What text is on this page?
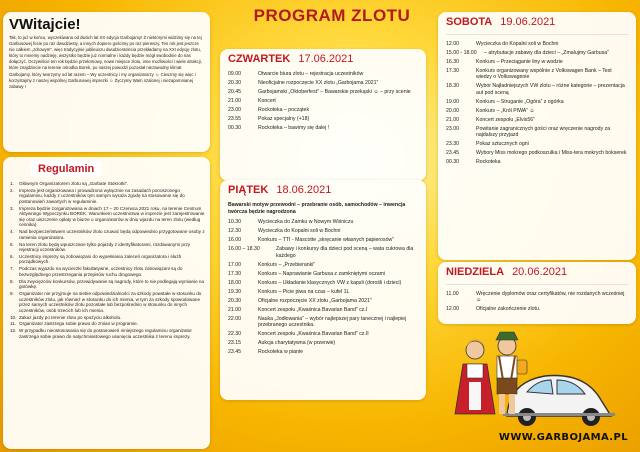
PROGRAM ZLOTU
VWitajcie!

Tak, to już w końcu, wyczekiwana od dwóch lat XX edycja Garbojamy! Z niektórymi widzimy się na tej Garbusowej fecie po raz dwudziesty, a innych dopiero gościmy po raz pierwszy. Ten rok jest jeszcze nie całkiem „zdrowym”, więc tradycyjnie jubileuszu dwudziestolecia przekładamy na XXI edycję zlotu, który to mniemy nadzieję, wszystko będzie już normalne i każdy będzie mógł swobodnie do nas dołączyć. Oczywiście ten rok będzie przełomowy, nowe miejsce zlotu, inne możliwości i wiele atrakcji, które znajdziecie na terenie ośrodka Borek, po naszej powodzi pozostał niezawodny klimat Garbojamy, który tworzymy od lat razem – Wy uczestnicy i my organizatorzy ☺ Cieszmy się więc i korzystajmy z naszej wspólnej Garbusowej imprezki ☺ Życzymy Wam szalonej i niezapomnianej zabawy !

Regulamin
1.	Głównym Organizatorem zlotu są „Garbate Stokrotki”.
2.	Impreza jest organizowana i prowadzona wyłącznie na zasadach ponoszonego regulaminu, każdy z uczestników tym samym wyraża zgodę na stosowanie się do postanowień zawartych w regulaminie.
3.	Impreza będzie zorganizowana w dniach 17 – 20 Czerwca 2021 roku, na terenie Centrum Aktywnego Wypoczynku BOREK. Warunkiem uczestnictwa w imprezie jest zarejestrowanie się oraz uiszczenie opłaty w biurze u organizatorów w dniu wjazdu na teren zlotu (według cennika).
4.	Nad bezpieczeństwem uczestników zlotu czuwać będą odpowiednio przygotowane osoby z ramienia organizatora.
5.	Na teren zlotu będą wpuszczane tylko pojazdy z identyfikatorami, rozdawanymi przy rejestracji uczestników.
6.	Uczestnicy imprezy są zobowiązani do wypełniania zaleceń organizatora i służb porządkowych.
7.	Podczas wyjazdu na wycieczki fakultatywne, uczestnicy zlotu zobowiązani są do bezwzględnego przestrzegania przepisów ruchu drogowego.
8.	Dla zwycięzców konkursów, przewidywanie są nagrody, które to nie podlegają wymianie na gotówkę.
9.	Organizator nie przyjmuje na siebie odpowiedzialności za szkody powstałe w stosunku do uczestników zlotu, jak również w stosunku do ich mienia, w tym za szkody spowodowane przez samych uczestników zlotu pozostałe lub bezpośrednio w stosunku do innych uczestników, osób trzecich lub ich mienia.
10. Zakaz jazdy po terenie zlotu po spożyciu alkoholu.
11. Organizator zastrzega sobie prawo do zmian w programie.
12. W przypadku nieostosowania się do postanowień niniejszego regulaminu organizator zastrzega sobie prawo do natychmiastowego usunięcia uczestnika z terenu imprezy.
CZWARTEK 17.06.2021
09.00	Otwarcie biura zlotu – rejestracja uczestników
20.30	Nieoficjalne rozpoczęcie XX zlotu „Garbojama 2021”
20.45	Garbojamski „Oktoberfest” – Bawarskie przekąski ☺ – przy scenie
21.00	Koncert
23.00	Rockoteka – początek
23.55	Pokaz specjalny (+18)
00.30	Rockoteka – bawimy się dalej !
PIĄTEK 18.06.2021
Bawarski motyw przewodni – przebranie osób, samochodów – inwencja twórcza będzie nagrodzona
10.30	Wycieczka do Zamku w Nowym Wiśniczu
12.30	Wycieczka do Kopalni soli w Bochni
16.00	Konkurs – TTI - Mascotte „skręcanie własnych papierosów”
16.00 – 18.30	Zabawy i konkursy dla dzieci pod sceną – wata cukrowa dla każdego
17.00	Konkurs – „Przebieranki”
17.30	Konkurs – Naprawianie Garbusa z zamkniętymi oczami
18.00	Konkurs – Układanie klasycznych VW z kapsli (dorośli i dzieci)
19.30	Konkurs – Picie piwa na czas – kufel 1L
20.30	Oficjalne rozpoczęcie XX zlotu „Garbojama 2021”
21.00	Koncert zespołu „Kwaśnica Bavarian Band” cz.I
22.00	Nauka „Jodłowania” – wybór najlepszej pary tanecznej i najlepiej przebranego uczestnika.
22.30	Koncert zespołu „Kwaśnica Bavarian Band” cz.II
23.15	Aukcja charytatywna (w przerwie)
23.45	Rockoteka w pianie
SOBOTA 19.06.2021
12.00	Wycieczka do Kopalni soli w Bochni
15.00 - 18.00	– atrybutacje zabawy dla dzieci – „Zmalujmy Garbusa”
16.30	Konkurs – Przeciąganie liny w wodzie
17.30	Konkurs organizowany wspólnie z Volkswagen Bank – Test wiedzy o Volkswagenie
18.30	Wybór Najładniejszych VW zlotu – różne kategorie – prezentacja aut pod sceną
19.00	Konkurs – Struganie „Ogóra” z ogórka
20.00	Konkurs – „Król PIWA” ☺
21.00	Koncert zespołu „Elvis56”
23.00	Powitanie zagranicznych gości oraz wręczenie nagrody za najdalszy przyjazd
23.30	Pokaz sztucznych ogni
23.45	Wybory Miss mokrego podkoszulka i Miss-tera mokrych bokserek
00.30	Rockoteka
NIEDZIELA 20.06.2021
11.00	Wręczenie dyplomów oraz certyfikatów, nie rozdanych wcześniej ☺
12.00	Oficjalne zakończenie zlotu.
WWW.GARBOJAMA.PL
